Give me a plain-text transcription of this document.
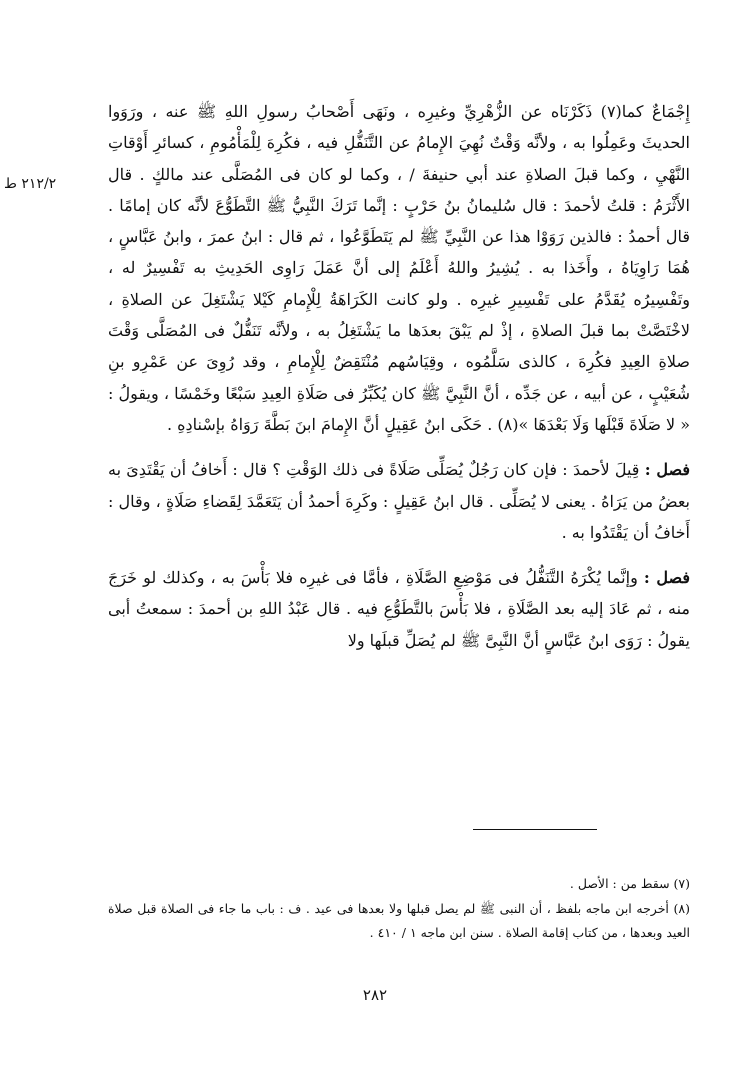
٢١٢/٢ ط

إِجْمَاعٌ كما(٧) ذَكَرْنَاه عن الزُّهْرِيِّ وغيرِه ، ونَهَى أَصْحابُ رسولِ اللهِ ﷺ عنه ، ورَوَوا الحديثَ وعَمِلُوا به ، ولأنَّه وَقْتٌ نُهِيَ الإِمامُ عن التَّنَفُّلِ فيه ، فكُرِهَ لِلْمَأْمُومِ ، كسائرِ أَوْقاتِ النَّهْيِ ، وكما قبلَ الصلاةِ عند أبي حنيفةَ / ، وكما لو كان فى المُصَلَّى عند مالكٍ . قال الأَثْرَمُ : قلتُ لأحمدَ : قال سُليمانُ بنُ حَرْبٍ : إنَّما تَرَكَ النَّبِيُّ ﷺ التَّطَوُّعَ لأنَّه كان إمامًا . قال أحمدُ : فالذين رَوَوْا هذا عن النَّبِيِّ ﷺ لم يَتَطَوَّعُوا ، ثم قال : ابنُ عمرَ ، وابنُ عَبَّاسٍ ، هُمَا رَاوِيَاهُ ، وأَخَذا به . يُشِيرُ واللهُ أَعْلَمُ إلى أنَّ عَمَلَ رَاوِى الحَدِيثِ به تَفْسِيرٌ له ، وتَفْسِيرُه يُقَدَّمُ على تَفْسِيرِ غيرِه . ولو كانت الكَرَاهَةُ لِلْإِمامِ كَيْلا يَشْتَغِلَ عن الصلاةِ ، لاخْتَصَّتْ بما قبلَ الصلاةِ ، إذْ لم يَبْقَ بعدَها ما يَشْتَغِلُ به ، ولأنَّه تَنَفُّلٌ فى المُصَلَّى وَقْتَ صلاةِ العِيدِ فكُرِهَ ، كالذى سَلَّمُوه ، وقِيَاسُهم مُنْتَقِضٌ لِلْإِمامِ ، وقد رُوِىَ عن عَمْرِو بنِ شُعَيْبٍ ، عن أبيه ، عن جَدِّه ، أنَّ النَّبِيَّ ﷺ كان يُكَبِّرُ فى صَلَاةِ العِيدِ سَبْعًا وخَمْسًا ، ويقولُ : « لا صَلَاةَ قَبْلَها وَلَا بَعْدَهَا »(٨) . حَكَى ابنُ عَقِيلٍ أنَّ الإِمامَ ابنَ بَطَّةَ رَوَاهُ بإسْنادِهِ .

فصل : قِيلَ لأحمدَ : فإن كان رَجُلٌ يُصَلِّى صَلَاةً فى ذلك الوَقْتِ ؟ قال : أَخافُ أن يَقْتَدِىَ به بعضُ من يَرَاهُ . يعنى لا يُصَلِّى . قال ابنُ عَقِيلٍ : وكَرِهَ أحمدُ أن يَتَعَمَّدَ لِقَضاءِ صَلَاةٍ ، وقال : أَخافُ أن يَقْتَدُوا به .

فصل : وإنَّما يُكْرَهُ التَّنَفُّلُ فى مَوْضِعِ الصَّلَاةِ ، فأمَّا فى غيرِه فلا بَأْسَ به ، وكذلك لو خَرَجَ منه ، ثم عَادَ إليه بعد الصَّلَاةِ ، فلا بَأْسَ بالتَّطَوُّعِ فيه . قال عَبْدُ اللهِ بن أحمدَ : سمعتُ أبى يقولُ : رَوَى ابنُ عَبَّاسٍ أنَّ النَّبِىَّ ﷺ لم يُصَلِّ قبلَها ولا

(٧) سقط من : الأصل .

(٨) أخرجه ابن ماجه بلفظ ، أن النبى ﷺ لم يصل قبلها ولا بعدها فى عيد . ف : باب ما جاء فى الصلاة قبل صلاة العيد وبعدها ، من كتاب إقامة الصلاة . سنن ابن ماجه ١ / ٤١٠ .

٢٨٢
